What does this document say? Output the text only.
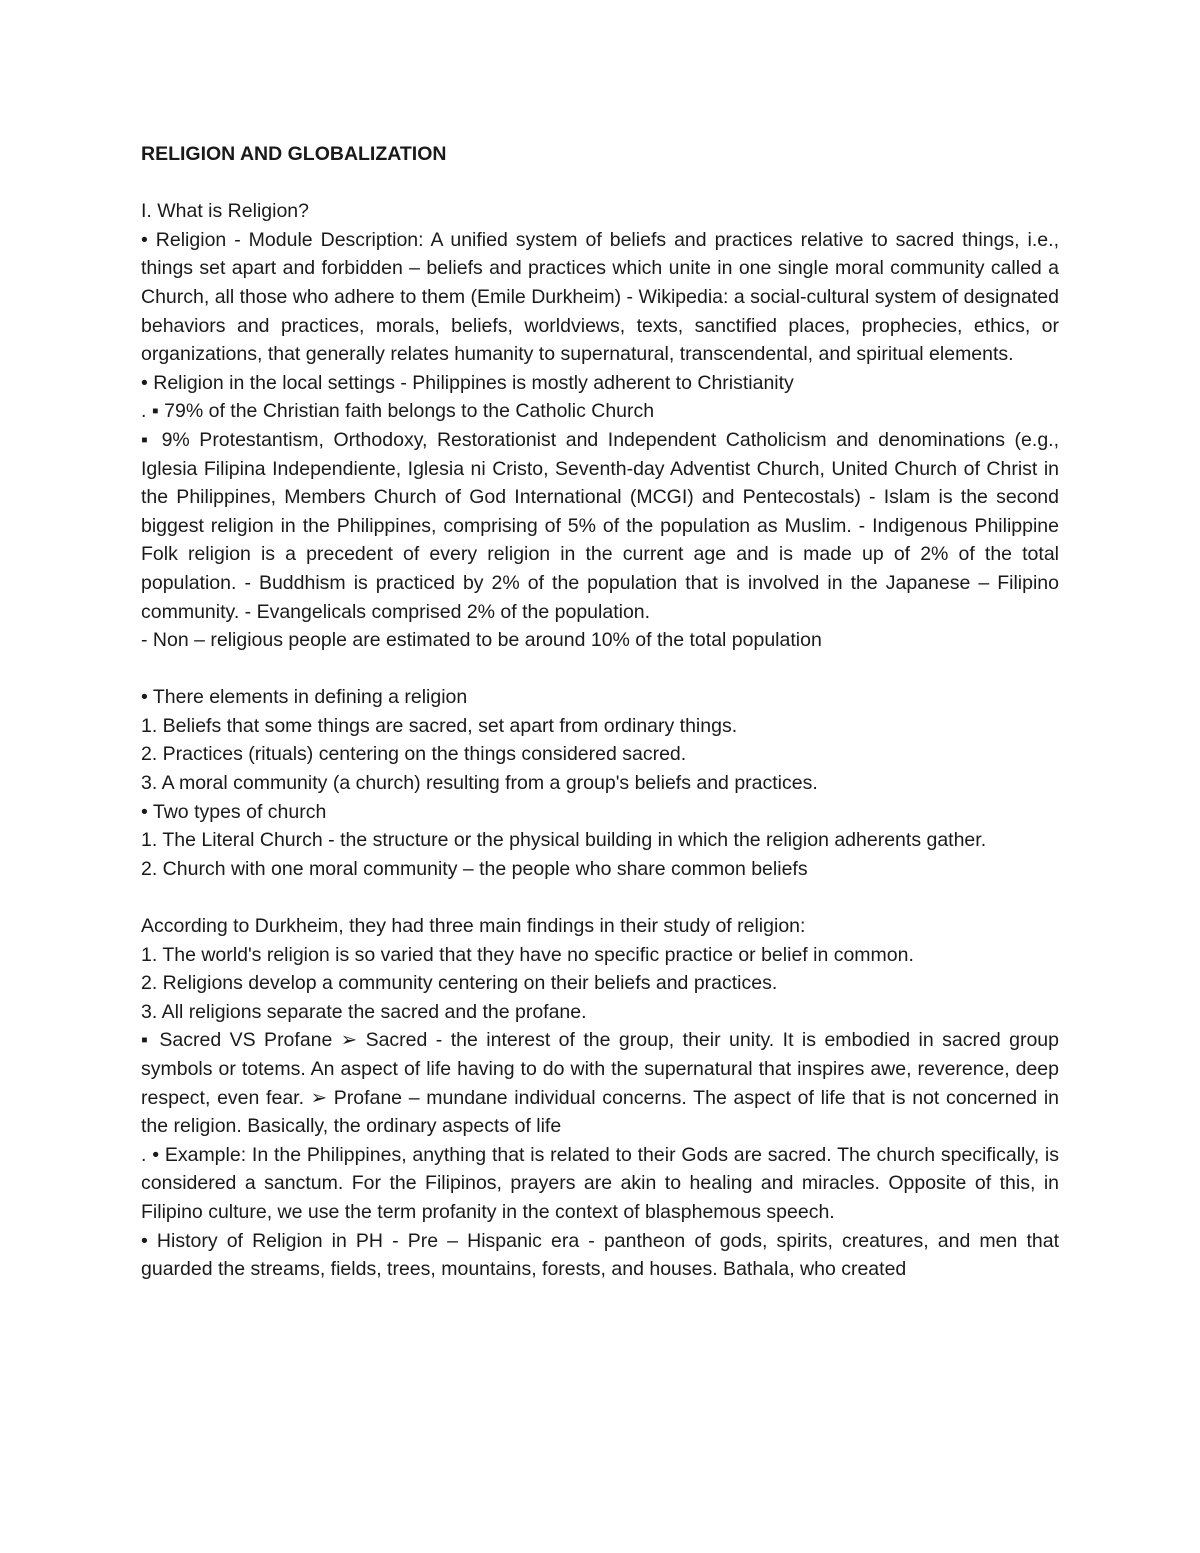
RELIGION AND GLOBALIZATION

I. What is Religion?

• Religion - Module Description: A unified system of beliefs and practices relative to sacred things, i.e., things set apart and forbidden – beliefs and practices which unite in one single moral community called a Church, all those who adhere to them (Emile Durkheim) - Wikipedia: a social-cultural system of designated behaviors and practices, morals, beliefs, worldviews, texts, sanctified places, prophecies, ethics, or organizations, that generally relates humanity to supernatural, transcendental, and spiritual elements.

• Religion in the local settings - Philippines is mostly adherent to Christianity

. ▪ 79% of the Christian faith belongs to the Catholic Church

▪ 9% Protestantism, Orthodoxy, Restorationist and Independent Catholicism and denominations (e.g., Iglesia Filipina Independiente, Iglesia ni Cristo, Seventh-day Adventist Church, United Church of Christ in the Philippines, Members Church of God International (MCGI) and Pentecostals) - Islam is the second biggest religion in the Philippines, comprising of 5% of the population as Muslim. - Indigenous Philippine Folk religion is a precedent of every religion in the current age and is made up of 2% of the total population. - Buddhism is practiced by 2% of the population that is involved in the Japanese – Filipino community. - Evangelicals comprised 2% of the population.

- Non – religious people are estimated to be around 10% of the total population

• There elements in defining a religion

1. Beliefs that some things are sacred, set apart from ordinary things.

2. Practices (rituals) centering on the things considered sacred.

3. A moral community (a church) resulting from a group's beliefs and practices.

• Two types of church

1. The Literal Church - the structure or the physical building in which the religion adherents gather.

2. Church with one moral community – the people who share common beliefs

According to Durkheim, they had three main findings in their study of religion:

1. The world's religion is so varied that they have no specific practice or belief in common.

2. Religions develop a community centering on their beliefs and practices.

3. All religions separate the sacred and the profane.

▪ Sacred VS Profane ➢ Sacred - the interest of the group, their unity. It is embodied in sacred group symbols or totems. An aspect of life having to do with the supernatural that inspires awe, reverence, deep respect, even fear. ➢ Profane – mundane individual concerns. The aspect of life that is not concerned in the religion. Basically, the ordinary aspects of life

. • Example: In the Philippines, anything that is related to their Gods are sacred. The church specifically, is considered a sanctum. For the Filipinos, prayers are akin to healing and miracles. Opposite of this, in Filipino culture, we use the term profanity in the context of blasphemous speech.

• History of Religion in PH - Pre – Hispanic era - pantheon of gods, spirits, creatures, and men that guarded the streams, fields, trees, mountains, forests, and houses. Bathala, who created
